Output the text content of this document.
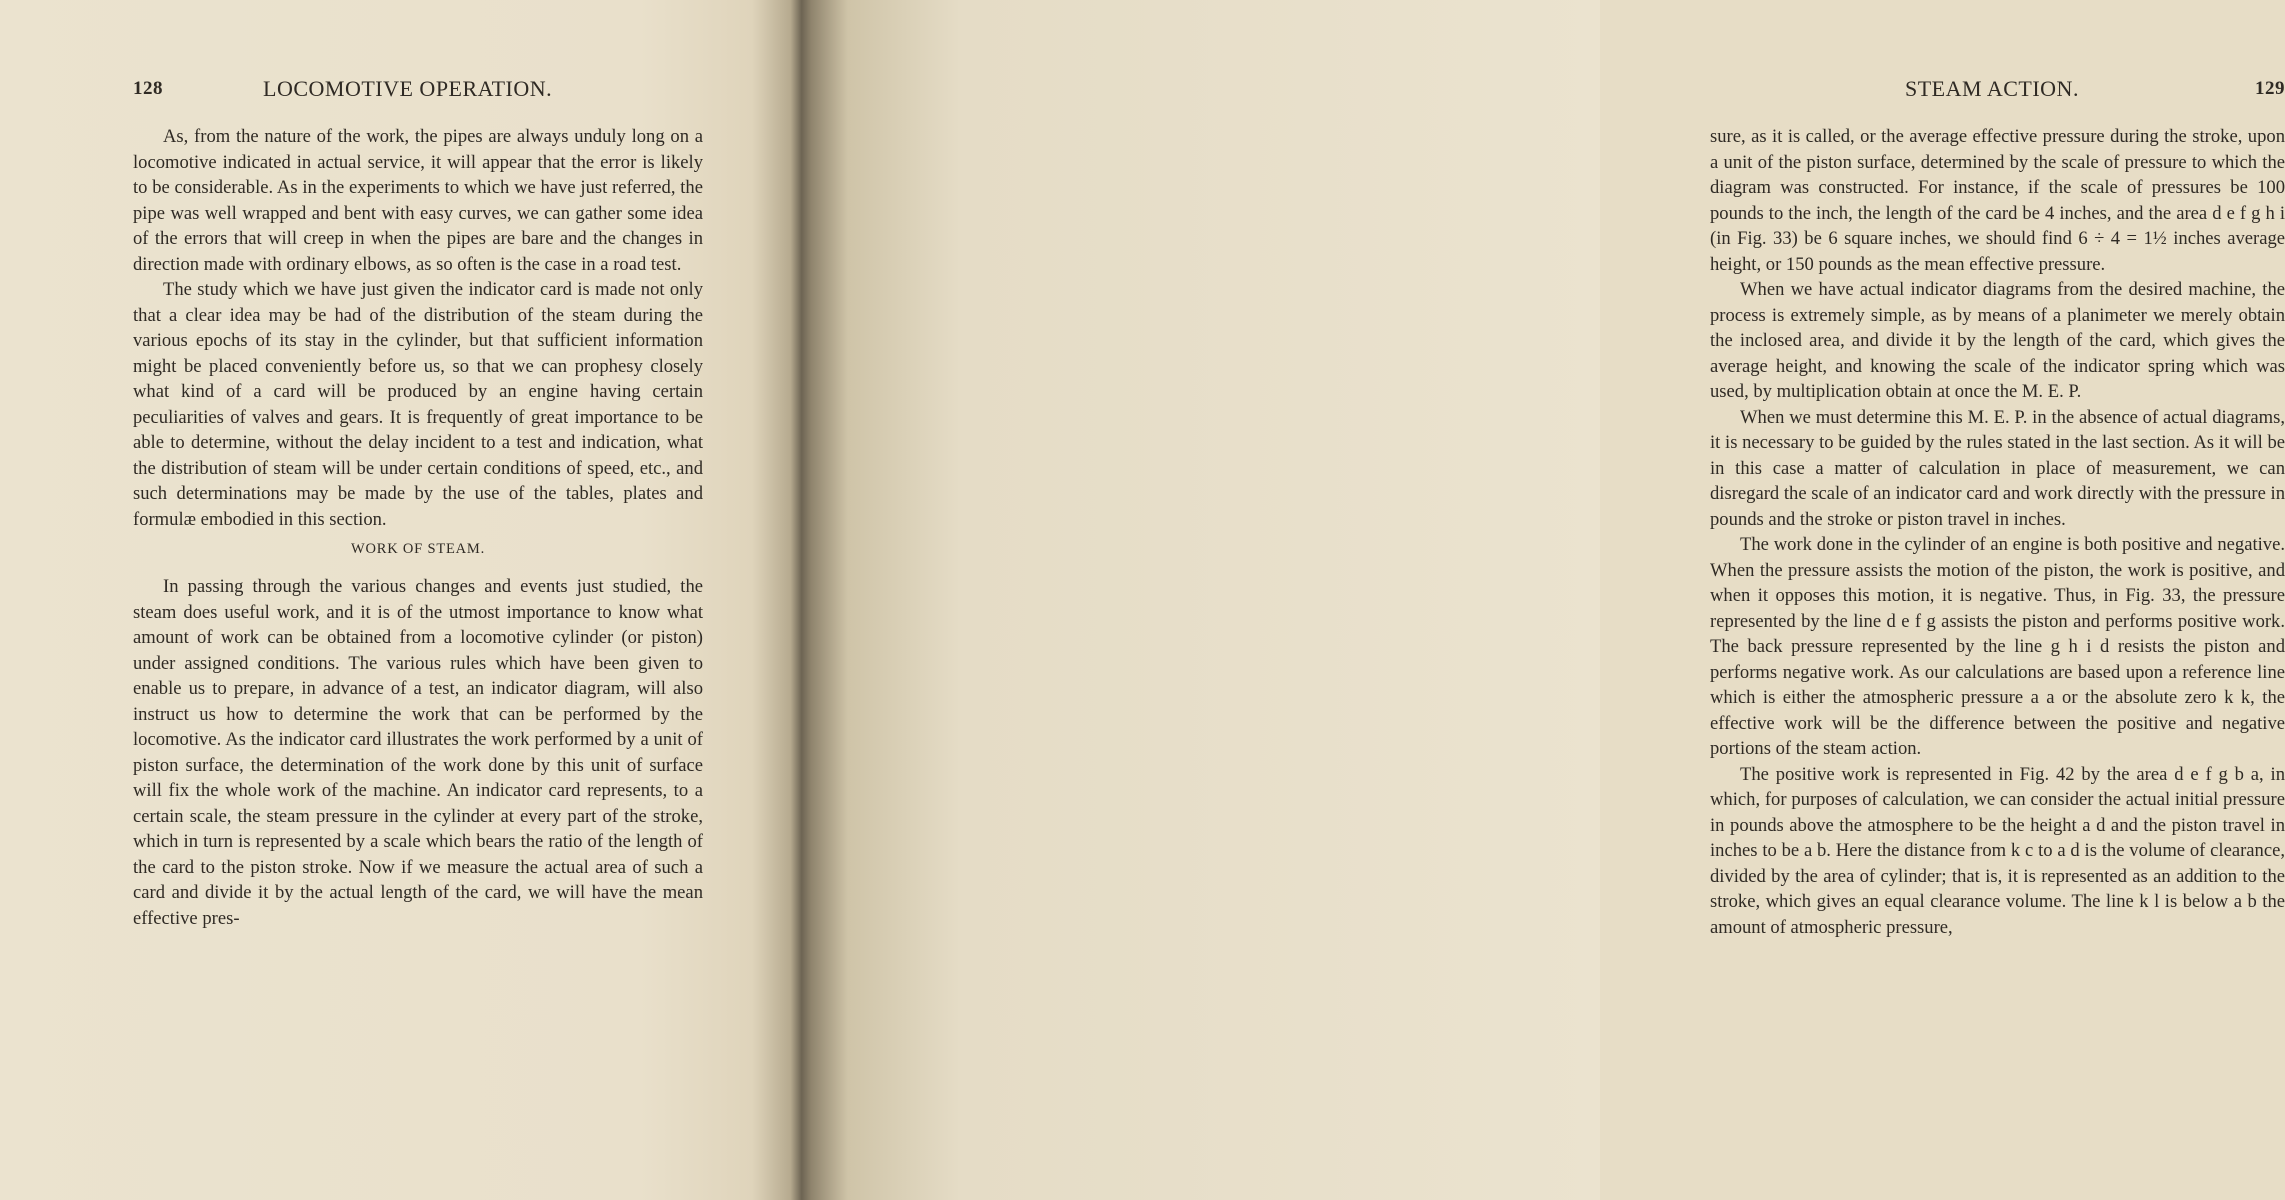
128	LOCOMOTIVE OPERATION.

As, from the nature of the work, the pipes are always unduly long on a locomotive indicated in actual service, it will appear that the error is likely to be considerable. As in the experiments to which we have just referred, the pipe was well wrapped and bent with easy curves, we can gather some idea of the errors that will creep in when the pipes are bare and the changes in direction made with ordinary elbows, as so often is the case in a road test.

The study which we have just given the indicator card is made not only that a clear idea may be had of the distribution of the steam during the various epochs of its stay in the cylinder, but that sufficient information might be placed conveniently before us, so that we can prophesy closely what kind of a card will be produced by an engine having certain peculiarities of valves and gears. It is frequently of great importance to be able to determine, without the delay incident to a test and indication, what the distribution of steam will be under certain conditions of speed, etc., and such determinations may be made by the use of the tables, plates and formulæ embodied in this section.

WORK OF STEAM.

In passing through the various changes and events just studied, the steam does useful work, and it is of the utmost importance to know what amount of work can be obtained from a locomotive cylinder (or piston) under assigned conditions. The various rules which have been given to enable us to prepare, in advance of a test, an indicator diagram, will also instruct us how to determine the work that can be performed by the locomotive. As the indicator card illustrates the work performed by a unit of piston surface, the determination of the work done by this unit of surface will fix the whole work of the machine. An indicator card represents, to a certain scale, the steam pressure in the cylinder at every part of the stroke, which in turn is represented by a scale which bears the ratio of the length of the card to the piston stroke. Now if we measure the actual area of such a card and divide it by the actual length of the card, we will have the mean effective pres-

STEAM ACTION.	129

sure, as it is called, or the average effective pressure during the stroke, upon a unit of the piston surface, determined by the scale of pressure to which the diagram was constructed. For instance, if the scale of pressures be 100 pounds to the inch, the length of the card be 4 inches, and the area d e f g h i (in Fig. 33) be 6 square inches, we should find 6 ÷ 4 = 1½ inches average height, or 150 pounds as the mean effective pressure.

When we have actual indicator diagrams from the desired machine, the process is extremely simple, as by means of a planimeter we merely obtain the inclosed area, and divide it by the length of the card, which gives the average height, and knowing the scale of the indicator spring which was used, by multiplication obtain at once the M. E. P.

When we must determine this M. E. P. in the absence of actual diagrams, it is necessary to be guided by the rules stated in the last section. As it will be in this case a matter of calculation in place of measurement, we can disregard the scale of an indicator card and work directly with the pressure in pounds and the stroke or piston travel in inches.

The work done in the cylinder of an engine is both positive and negative. When the pressure assists the motion of the piston, the work is positive, and when it opposes this motion, it is negative. Thus, in Fig. 33, the pressure represented by the line d e f g assists the piston and performs positive work. The back pressure represented by the line g h i d resists the piston and performs negative work. As our calculations are based upon a reference line which is either the atmospheric pressure a a or the absolute zero k k, the effective work will be the difference between the positive and negative portions of the steam action.

The positive work is represented in Fig. 42 by the area d e f g b a, in which, for purposes of calculation, we can consider the actual initial pressure in pounds above the atmosphere to be the height a d and the piston travel in inches to be a b. Here the distance from k c to a d is the volume of clearance, divided by the area of cylinder; that is, it is represented as an addition to the stroke, which gives an equal clearance volume. The line k l is below a b the amount of atmospheric pressure,
